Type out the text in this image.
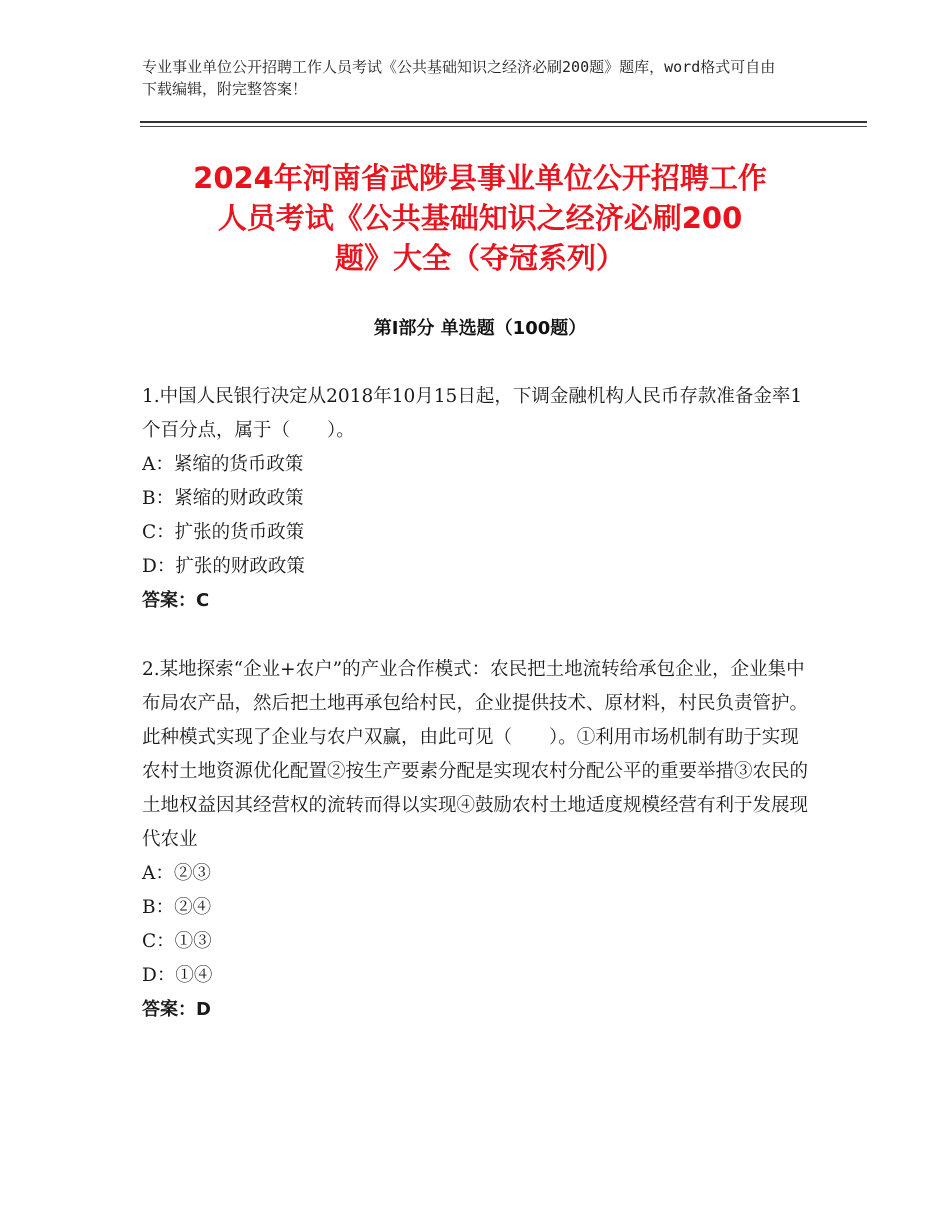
专业事业单位公开招聘工作人员考试《公共基础知识之经济必刷200题》题库，word格式可自由下载编辑，附完整答案！
2024年河南省武陟县事业单位公开招聘工作
人员考试《公共基础知识之经济必刷200
题》大全（夺冠系列）
第Ⅰ部分 单选题（100题）

1.中国人民银行决定从2018年10月15日起，下调金融机构人民币存款准备金率1个百分点，属于（　　）。

A：紧缩的货币政策

B：紧缩的财政政策

C：扩张的货币政策

D：扩张的财政政策

答案：C

2.某地探索“企业+农户”的产业合作模式：农民把土地流转给承包企业，企业集中布局农产品，然后把土地再承包给村民，企业提供技术、原材料，村民负责管护。此种模式实现了企业与农户双赢，由此可见（　　）。①利用市场机制有助于实现农村土地资源优化配置②按生产要素分配是实现农村分配公平的重要举措③农民的土地权益因其经营权的流转而得以实现④鼓励农村土地适度规模经营有利于发展现代农业

A：②③

B：②④

C：①③

D：①④

答案：D
